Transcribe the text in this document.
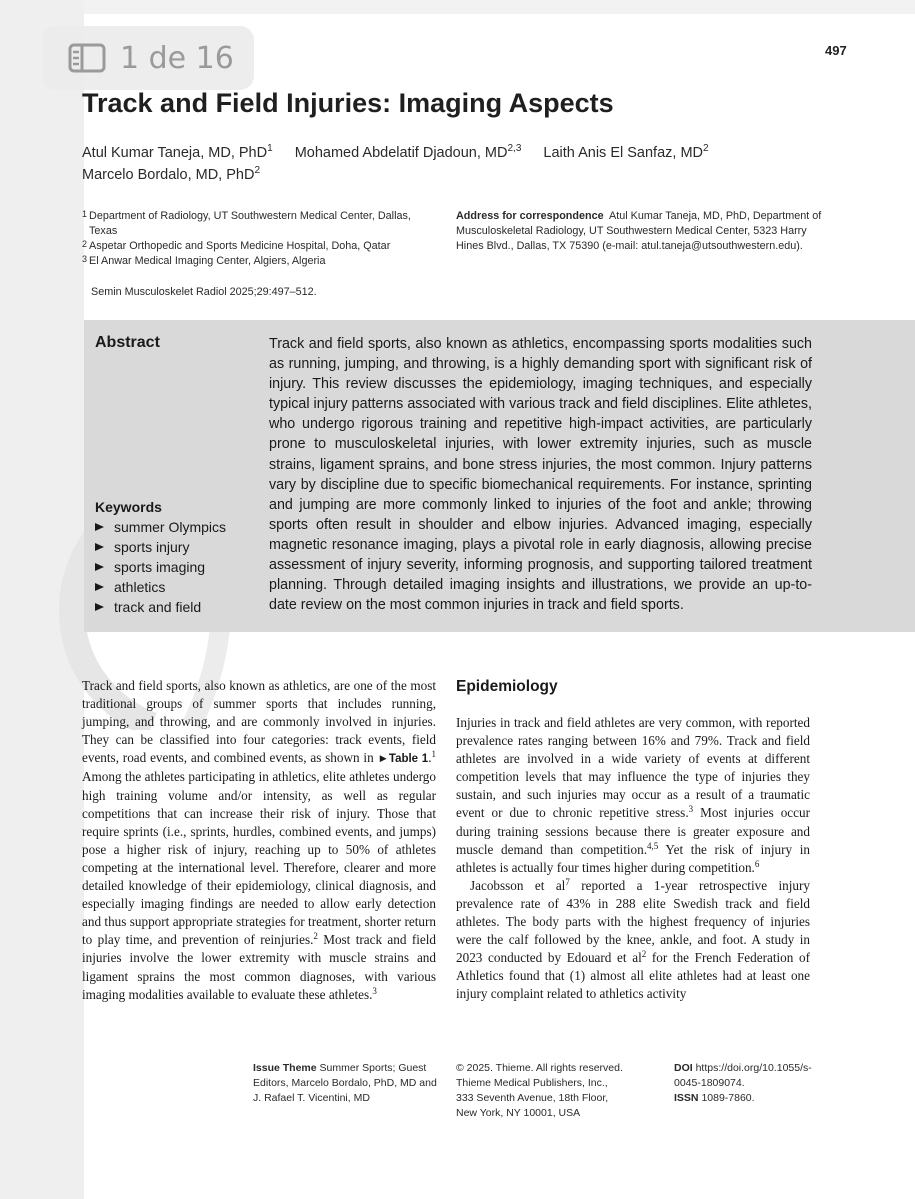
1 de 16	497
Track and Field Injuries: Imaging Aspects
Atul Kumar Taneja, MD, PhD$^1$ Mohamed Abdelatif Djadoun, MD$^{2,3}$ Laith Anis El Sanfaz, $MD^2$
Marcelo Bordalo, MD, PhD$^2$
1 Department of Radiology, UT Southwestern Medical Center, Dallas, Texas
2 Aspetar Orthopedic and Sports Medicine Hospital, Doha, Qatar
3 El Anwar Medical Imaging Center, Algiers, Algeria
Address for correspondence Atul Kumar Taneja, MD, PhD, Department of Musculoskeletal Radiology, UT Southwestern Medical Center, 5323 Harry Hines Blvd., Dallas, TX 75390 (e-mail: atul.taneja@utsouthwestern.edu).
Semin Musculoskelet Radiol 2025;29:497–512.
Abstract	Track and field sports, also known as athletics, encompassing sports modalities such as running, jumping, and throwing, is a highly demanding sport with significant risk of injury. This review discusses the epidemiology, imaging techniques, and especially typical injury patterns associated with various track and field disciplines. Elite athletes, who undergo rigorous training and repetitive high-impact activities, are particularly prone to musculoskeletal injuries, with lower extremity injuries, such as muscle strains, ligament sprains, and bone stress injuries, the most common. Injury patterns vary by discipline due to specific biomechanical requirements. For instance, sprinting and jumping are more commonly linked to injuries of the foot and ankle; throwing sports often result in shoulder and elbow injuries. Advanced imaging, especially magnetic resonance imaging, plays a pivotal role in early diagnosis, allowing precise assessment of injury severity, informing prognosis, and supporting tailored treatment planning. Through detailed imaging insights and illustrations, we provide an up-to-date review on the most common injuries in track and field sports.
Keywords
summer Olympics
sports injury
sports imaging
athletics
track and field
Track and field sports, also known as athletics, are one of the most traditional groups of summer sports that includes running, jumping, and throwing, and are commonly involved in injuries. They can be classified into four categories: track events, field events, road events, and combined events, as shown in ►Table 1.$^1$ Among the athletes participating in athletics, elite athletes undergo high training volume and/or intensity, as well as regular competitions that can increase their risk of injury. Those that require sprints (i.e., sprints, hurdles, combined events, and jumps) pose a higher risk of injury, reaching up to 50% of athletes competing at the international level. Therefore, clearer and more detailed knowledge of their epidemiology, clinical diagnosis, and especially imaging findings are needed to allow early detection and thus support appropriate strategies for treatment, shorter return to play time, and prevention of reinjuries.$^2$ Most track and field injuries involve the lower extremity with muscle strains and ligament sprains the most common diagnoses, with various imaging modalities available to evaluate these athletes.$^3$
Epidemiology

Injuries in track and field athletes are very common, with reported prevalence rates ranging between 16% and 79%. Track and field athletes are involved in a wide variety of events at different competition levels that may influence the type of injuries they sustain, and such injuries may occur as a result of a traumatic event or due to chronic repetitive stress.$^3$ Most injuries occur during training sessions because there is greater exposure and muscle demand than competition.$^{4,5}$ Yet the risk of injury in athletes is actually four times higher during competition.$^6$

Jacobsson et $al^7$ reported a 1-year retrospective injury prevalence rate of 43% in 288 elite Swedish track and field athletes. The body parts with the highest frequency of injuries were the calf followed by the knee, ankle, and foot. A study in 2023 conducted by Edouard et $al^2$ for the French Federation of Athletics found that (1) almost all elite athletes had at least one injury complaint related to athletics activity

Issue Theme Summer Sports; Guest Editors, Marcelo Bordalo, PhD, MD and J. Rafael T. Vicentini, MD
© 2025. Thieme. All rights reserved.
Thieme Medical Publishers, Inc.,
333 Seventh Avenue, 18th Floor,
New York, NY 10001, USA
DOI https://doi.org/10.1055/s-0045-1809074.
ISSN 1089-7860.
